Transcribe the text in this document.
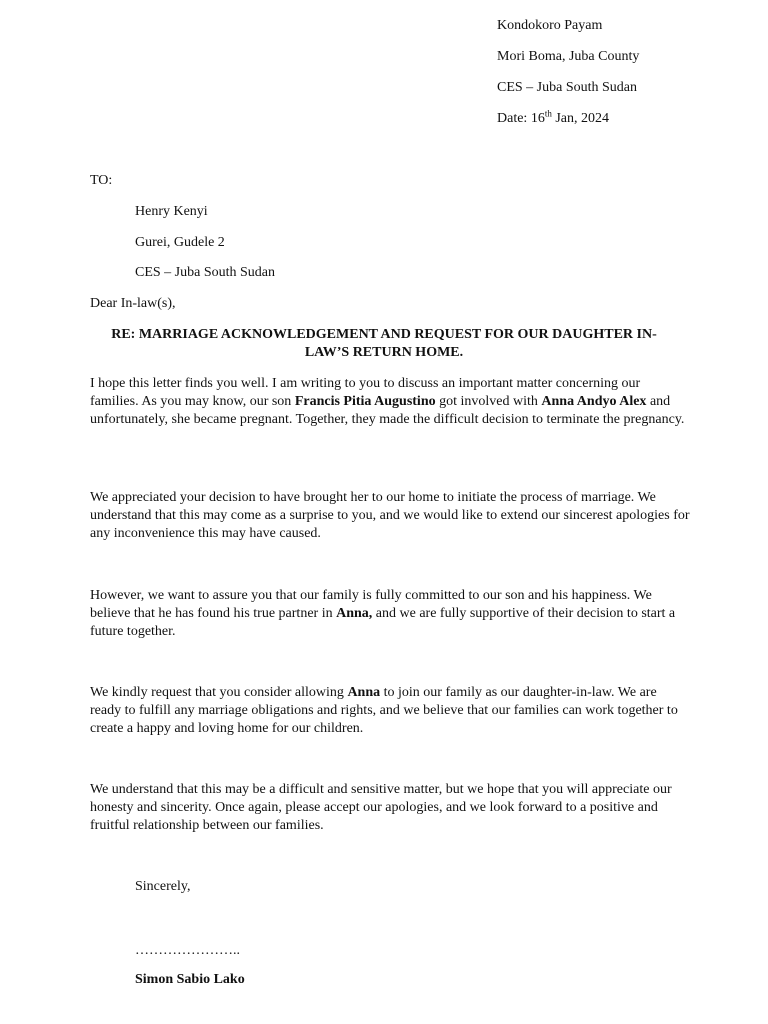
Kondokoro Payam
Mori Boma, Juba County
CES – Juba South Sudan
Date: 16th Jan, 2024
TO:
Henry Kenyi
Gurei, Gudele 2
CES – Juba South Sudan
Dear In-law(s),
RE: MARRIAGE ACKNOWLEDGEMENT AND REQUEST FOR OUR DAUGHTER IN-LAW’S RETURN HOME.

I hope this letter finds you well. I am writing to you to discuss an important matter concerning our families. As you may know, our son Francis Pitia Augustino got involved with Anna Andyo Alex and unfortunately, she became pregnant. Together, they made the difficult decision to terminate the pregnancy.

We appreciated your decision to have brought her to our home to initiate the process of marriage. We understand that this may come as a surprise to you, and we would like to extend our sincerest apologies for any inconvenience this may have caused.

However, we want to assure you that our family is fully committed to our son and his happiness. We believe that he has found his true partner in Anna, and we are fully supportive of their decision to start a future together.

We kindly request that you consider allowing Anna to join our family as our daughter-in-law. We are ready to fulfill any marriage obligations and rights, and we believe that our families can work together to create a happy and loving home for our children.

We understand that this may be a difficult and sensitive matter, but we hope that you will appreciate our honesty and sincerity. Once again, please accept our apologies, and we look forward to a positive and fruitful relationship between our families.

Sincerely,
…………………..
Simon Sabio Lako
